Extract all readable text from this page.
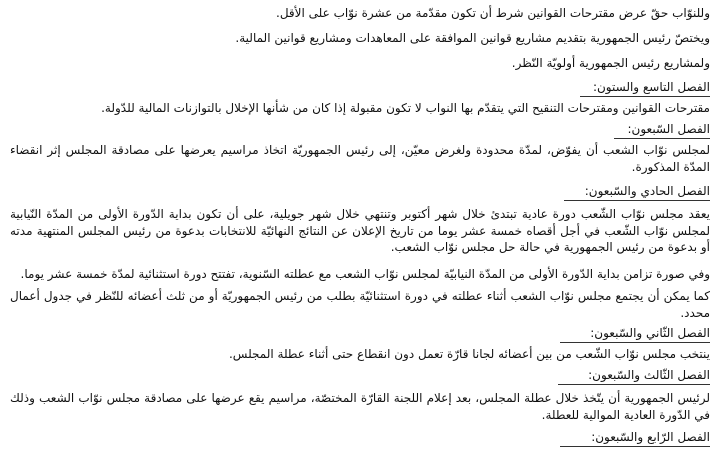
وللنوّاب حقّ عرض مقترحات القوانين شرط أن تكون مقدّمة من عشرة نوّاب على الأقل.
ويختصّ رئيس الجمهورية بتقديم مشاريع قوانين الموافقة على المعاهدات ومشاريع قوانين المالية.
ولمشاريع رئيس الجمهورية أولويّة النّظر.
الفصل التاسع والستون:
مقترحات القوانين ومقترحات التنقيح التي يتقدّم بها النواب لا تكون مقبولة إذا كان من شأنها الإخلال بالتوازنات المالية للدّولة.
الفصل السّبعون:
لمجلس نوّاب الشعب أن يفوّض، لمدّة محدودة ولغرض معيّن، إلى رئيس الجمهوريّة اتخاذ مراسيم يعرضها على مصادقة المجلس إثر انقضاء المدّة المذكورة.
الفصل الحادي والسّبعون:
يعقد مجلس نوّاب الشّعب دورة عادية تبتدئ خلال شهر أكتوبر وتنتهي خلال شهر جويلية، على أن تكون بداية الدّورة الأولى من المدّة النّيابية لمجلس نوّاب الشّعب في أجل أقصاه خمسة عشر يوما من تاريخ الإعلان عن النتائج النهائيّة للانتخابات بدعوة من رئيس المجلس المنتهية مدته أو بدعوة من رئيس الجمهورية في حالة حل مجلس نوّاب الشعب.
وفي صورة تزامن بداية الدّورة الأولى من المدّة النيابيّة لمجلس نوّاب الشعب مع عطلته السّنوية، تفتتح دورة استثنائية لمدّة خمسة عشر يوما.
كما يمكن أن يجتمع مجلس نوّاب الشعب أثناء عطلته في دورة استثنائيّة بطلب من رئيس الجمهوريّة أو من ثلث أعضائه للنّظر في جدول أعمال محدد.
الفصل الثّاني والسّبعون:
ينتخب مجلس نوّاب الشّعب من بين أعضائه لجانا قارّة تعمل دون انقطاع حتى أثناء عطلة المجلس.
الفصل الثّالث والسّبعون:
لرئيس الجمهورية أن يتّخذ خلال عطلة المجلس، بعد إعلام اللجنة القارّة المختصّة، مراسيم يقع عرضها على مصادقة مجلس نوّاب الشعب وذلك في الدّورة العادية الموالية للعطلة.
الفصل الرّابع والسّبعون:
